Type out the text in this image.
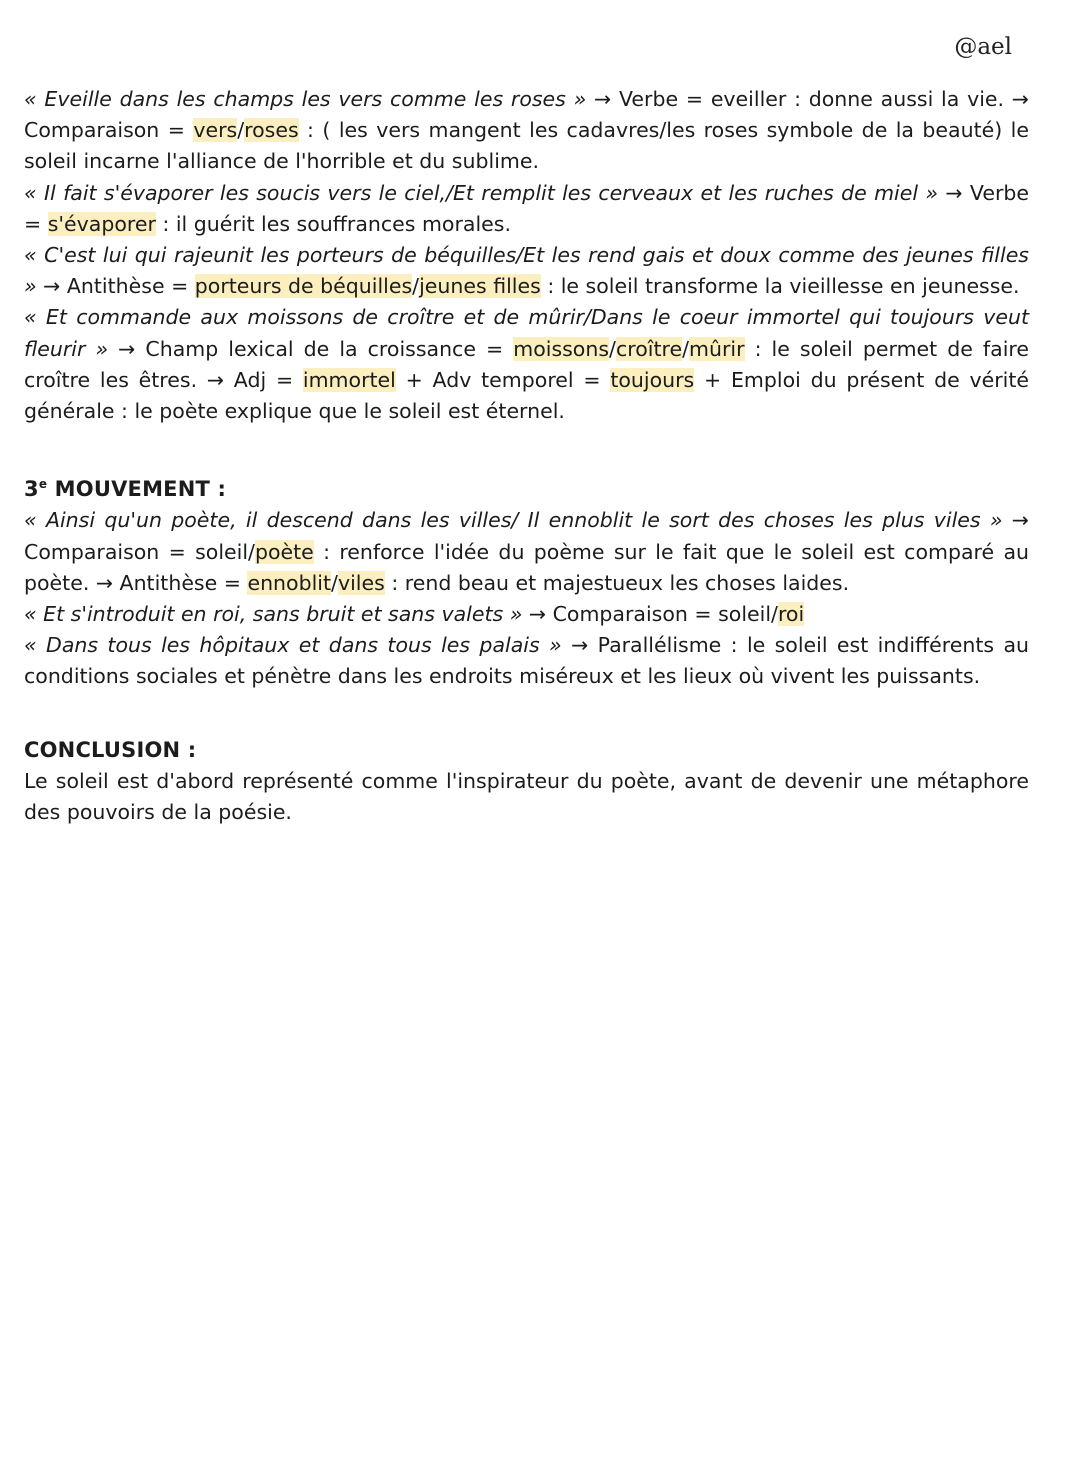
@ael

« Eveille dans les champs les vers comme les roses » → Verbe = eveiller : donne aussi la vie. → Comparaison = vers/roses : ( les vers mangent les cadavres/les roses symbole de la beauté) le soleil incarne l'alliance de l'horrible et du sublime.

« Il fait s'évaporer les soucis vers le ciel,/Et remplit les cerveaux et les ruches de miel » → Verbe = s'évaporer : il guérit les souffrances morales.

« C'est lui qui rajeunit les porteurs de béquilles/Et les rend gais et doux comme des jeunes filles » → Antithèse = porteurs de béquilles/jeunes filles : le soleil transforme la vieillesse en jeunesse.

« Et commande aux moissons de croître et de mûrir/Dans le coeur immortel qui toujours veut fleurir » → Champ lexical de la croissance = moissons/croître/mûrir : le soleil permet de faire croître les êtres. → Adj = immortel + Adv temporel = toujours + Emploi du présent de vérité générale : le poète explique que le soleil est éternel.

3e MOUVEMENT :

« Ainsi qu'un poète, il descend dans les villes/ Il ennoblit le sort des choses les plus viles » → Comparaison = soleil/poète : renforce l'idée du poème sur le fait que le soleil est comparé au poète. → Antithèse = ennoblit/viles : rend beau et majestueux les choses laides.

« Et s'introduit en roi, sans bruit et sans valets » → Comparaison = soleil/roi

« Dans tous les hôpitaux et dans tous les palais » → Parallélisme : le soleil est indifférents au conditions sociales et pénètre dans les endroits miséreux et les lieux où vivent les puissants.

CONCLUSION :

Le soleil est d'abord représenté comme l'inspirateur du poète, avant de devenir une métaphore des pouvoirs de la poésie.
